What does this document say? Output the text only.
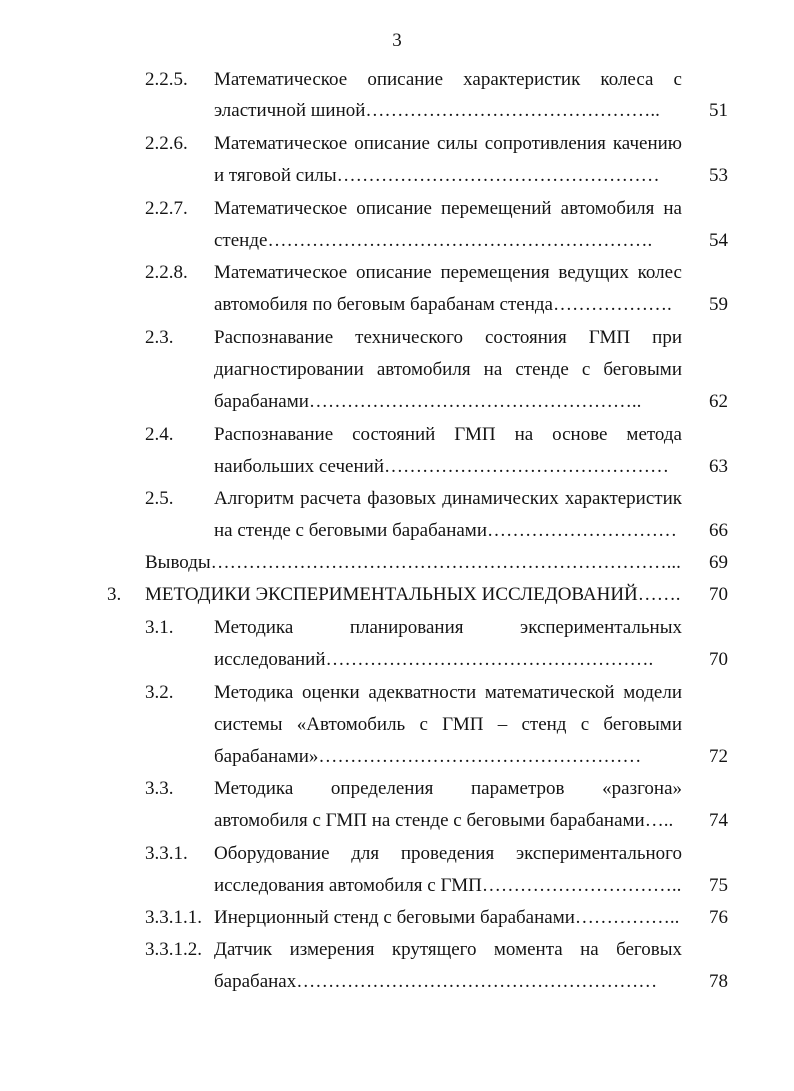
3
2.2.5. Математическое описание характеристик колеса с
эластичной шиной………………………………………..	51
2.2.6. Математическое описание силы сопротивления качению
и тяговой силы……………………………………………	53
2.2.7. Математическое описание перемещений автомобиля на
стенде…………………………………………………….	54
2.2.8. Математическое описание перемещения ведущих колес
автомобиля по беговым барабанам стенда……………….	59
2.3. Распознавание технического состояния ГМП при
диагностировании автомобиля на стенде с беговыми
барабанами……………………………………………..	62
2.4. Распознавание состояний ГМП на основе метода
наибольших сечений………………………………………	63
2.5. Алгоритм расчета фазовых динамических характеристик
на стенде с беговыми барабанами…………………………	66
Выводы………………………………………………………………...	69
3. МЕТОДИКИ ЭКСПЕРИМЕНТАЛЬНЫХ ИССЛЕДОВАНИЙ…….	70
3.1. Методика планирования экспериментальных
исследований…………………………………………….	70
3.2. Методика оценки адекватности математической модели
системы «Автомобиль с ГМП – стенд с беговыми
барабанами»……………………………………………	72
3.3. Методика определения параметров «разгона»
автомобиля с ГМП на стенде с беговыми барабанами…..	74
3.3.1. Оборудование для проведения экспериментального
исследования автомобиля с ГМП…………………………..	75
3.3.1.1. Инерционный стенд с беговыми барабанами……………..	76
3.3.1.2. Датчик измерения крутящего момента на беговых
барабанах…………………………………………………	78
